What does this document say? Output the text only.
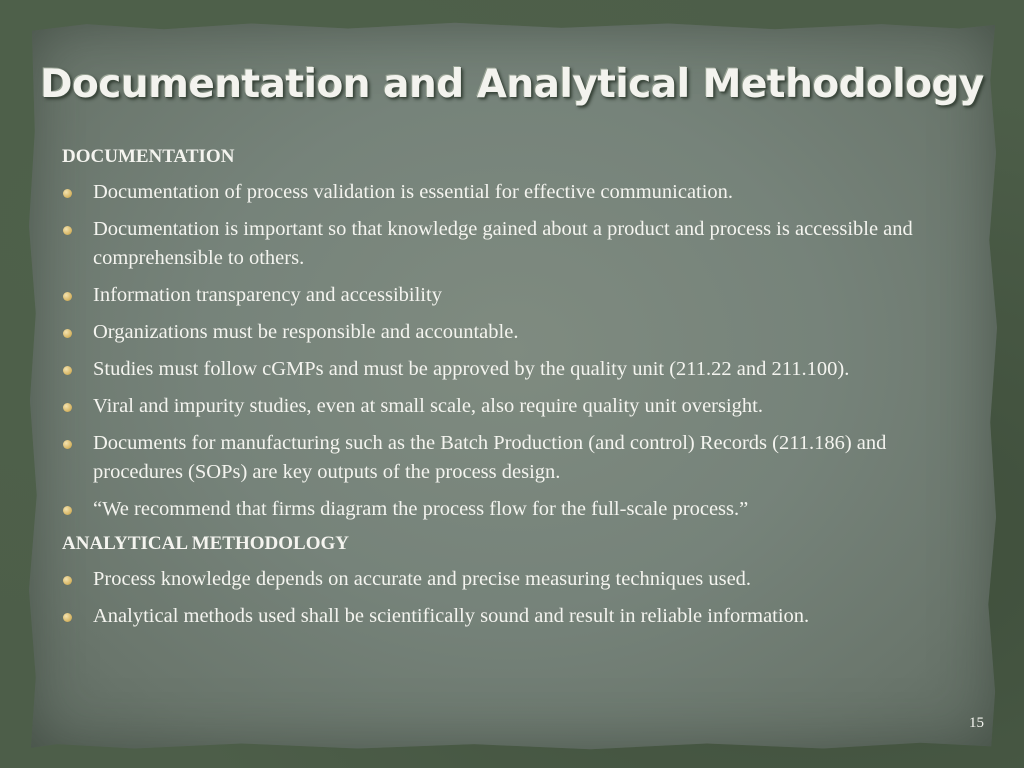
Documentation and Analytical Methodology
DOCUMENTATION
Documentation of process validation is essential for effective communication.
Documentation is important so that knowledge gained about a product and process is accessible and comprehensible to others.
Information transparency and accessibility
Organizations must be responsible and accountable.
Studies must follow cGMPs and must be approved by the quality unit (211.22 and 211.100).
Viral and impurity studies, even at small scale, also require quality unit oversight.
Documents for manufacturing such as the Batch Production (and control) Records (211.186) and procedures (SOPs) are key outputs of the process design.
“We recommend that firms diagram the process flow for the full-scale process.”
ANALYTICAL METHODOLOGY
Process knowledge depends on accurate and precise measuring techniques used.
Analytical methods used shall be scientifically sound and result in reliable information.
15
